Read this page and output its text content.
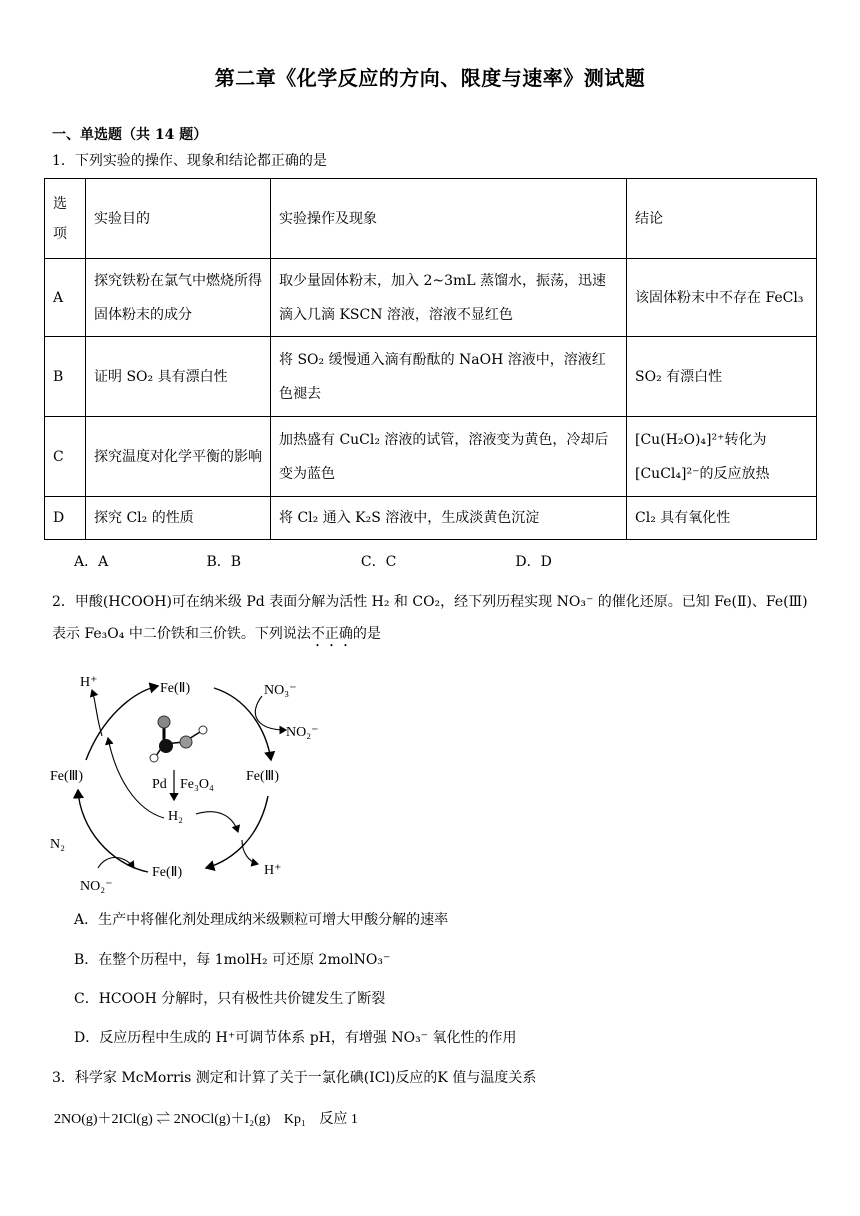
第二章《化学反应的方向、限度与速率》测试题
一、单选题（共 14 题）
1．下列实验的操作、现象和结论都正确的是
选
项	实验目的	实验操作及现象	结论
A	探究铁粉在氯气中燃烧所得固体粉末的成分	取少量固体粉末，加入 2~3mL 蒸馏水，振荡，迅速滴入几滴 KSCN 溶液，溶液不显红色	该固体粉末中不存在 FeCl₃
B	证明 SO₂ 具有漂白性	将 SO₂ 缓慢通入滴有酚酞的 NaOH 溶液中，溶液红色褪去	SO₂ 有漂白性
C	探究温度对化学平衡的影响	加热盛有 CuCl₂ 溶液的试管，溶液变为黄色，冷却后变为蓝色	[Cu(H₂O)₄]²⁺转化为[CuCl₄]²⁻的反应放热
D	探究 Cl₂ 的性质	将 Cl₂ 通入 K₂S 溶液中，生成淡黄色沉淀	Cl₂ 具有氧化性
A．A	B．B	C．C	D．D
2．甲酸(HCOOH)可在纳米级 Pd 表面分解为活性 H₂ 和 CO₂，经下列历程实现 NO₃⁻ 的催化还原。已知 Fe(Ⅱ)、Fe(Ⅲ)
表示 Fe₃O₄ 中二价铁和三价铁。下列说法不正确的是
H⁺	Fe(Ⅱ)	NO₃⁻
NO₂⁻
Fe(Ⅲ)	Fe(Ⅲ)
Pd Fe₃O₄
H₂
N₂
Fe(Ⅱ)	H⁺
NO₂⁻
A．生产中将催化剂处理成纳米级颗粒可增大甲酸分解的速率
B．在整个历程中，每 1molH₂ 可还原 2molNO₃⁻
C．HCOOH 分解时，只有极性共价键发生了断裂
D．反应历程中生成的 H⁺可调节体系 pH，有增强 NO₃⁻ 氧化性的作用
3．科学家 McMorris 测定和计算了关于一氯化碘(ICl)反应的K 值与温度关系
2NO(g)＋2ICl(g) ⇌ 2NOCl(g)＋I₂(g) Kp₁ 反应 1
